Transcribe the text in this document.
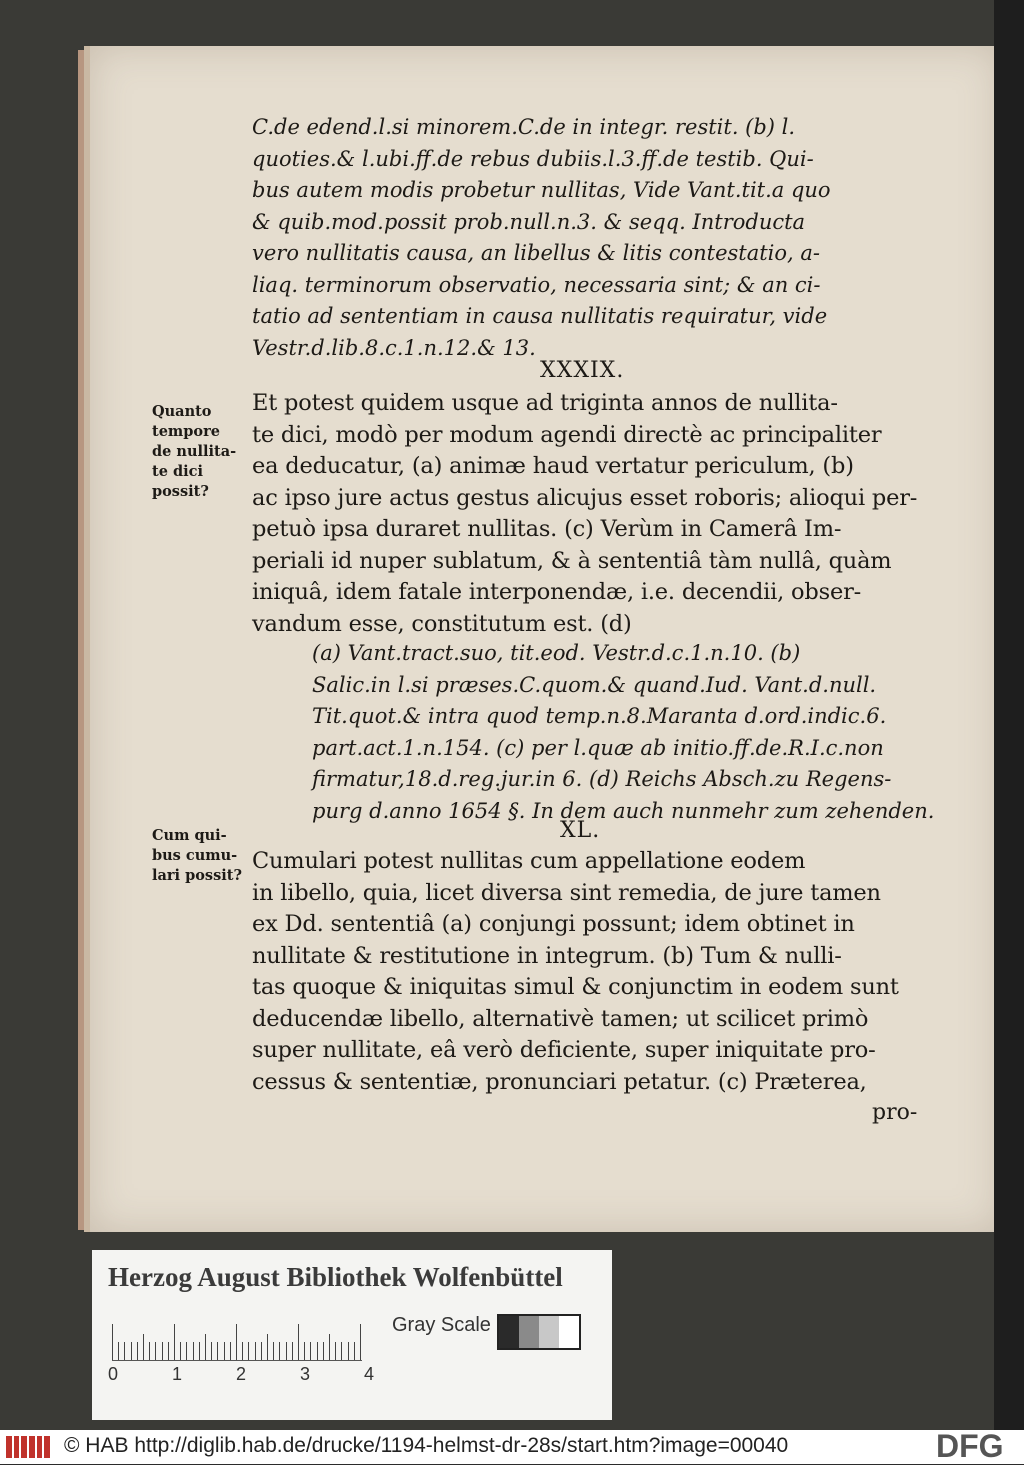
C.de edend.l.si minorem.C.de in integr. restit. (b) l.
quoties.& l.ubi.ff.de rebus dubiis.l.3.ff.de testib. Qui-
bus autem modis probetur nullitas, Vide Vant.tit.a quo
& quib.mod.possit prob.null.n.3. & seqq. Introducta
vero nullitatis causa, an libellus & litis contestatio, a-
liaq. terminorum observatio, necessaria sint; & an ci-
tatio ad sententiam in causa nullitatis requiratur, vide
Vestr.d.lib.8.c.1.n.12.& 13.
XXXIX.
Quanto
tempore
de nullita-
te dici
possit?
Et potest quidem usque ad triginta annos de nullita-
te dici, modò per modum agendi directè ac principaliter
ea deducatur, (a) animæ haud vertatur periculum, (b)
ac ipso jure actus gestus alicujus esset roboris; alioqui per-
petuò ipsa duraret nullitas. (c) Verùm in Camerâ Im-
periali id nuper sublatum, & à sententiâ tàm nullâ, quàm
iniquâ, idem fatale interponendæ, i.e. decendii, obser-
vandum esse, constitutum est. (d)
(a) Vant.tract.suo, tit.eod. Vestr.d.c.1.n.10. (b)
Salic.in l.si præses.C.quom.& quand.Iud. Vant.d.null.
Tit.quot.& intra quod temp.n.8.Maranta d.ord.indic.6.
part.act.1.n.154. (c) per l.quæ ab initio.ff.de.R.I.c.non
firmatur,18.d.reg.jur.in 6. (d) Reichs Absch.zu Regens-
purg d.anno 1654 §. In dem auch nunmehr zum zehenden.
XL.
Cum qui-
bus cumu-
lari possit?
Cumulari potest nullitas cum appellatione eodem
in libello, quia, licet diversa sint remedia, de jure tamen
ex Dd. sententiâ (a) conjungi possunt; idem obtinet in
nullitate & restitutione in integrum. (b) Tum & nulli-
tas quoque & iniquitas simul & conjunctim in eodem sunt
deducendæ libello, alternativè tamen; ut scilicet primò
super nullitate, eâ verò deficiente, super iniquitate pro-
cessus & sententiæ, pronunciari petatur. (c) Præterea,
pro-
Herzog August Bibliothek Wolfenbüttel
0	1	2	3	4
Gray Scale
© HAB http://diglib.hab.de/drucke/1194-helmst-dr-28s/start.htm?image=00040	DFG
